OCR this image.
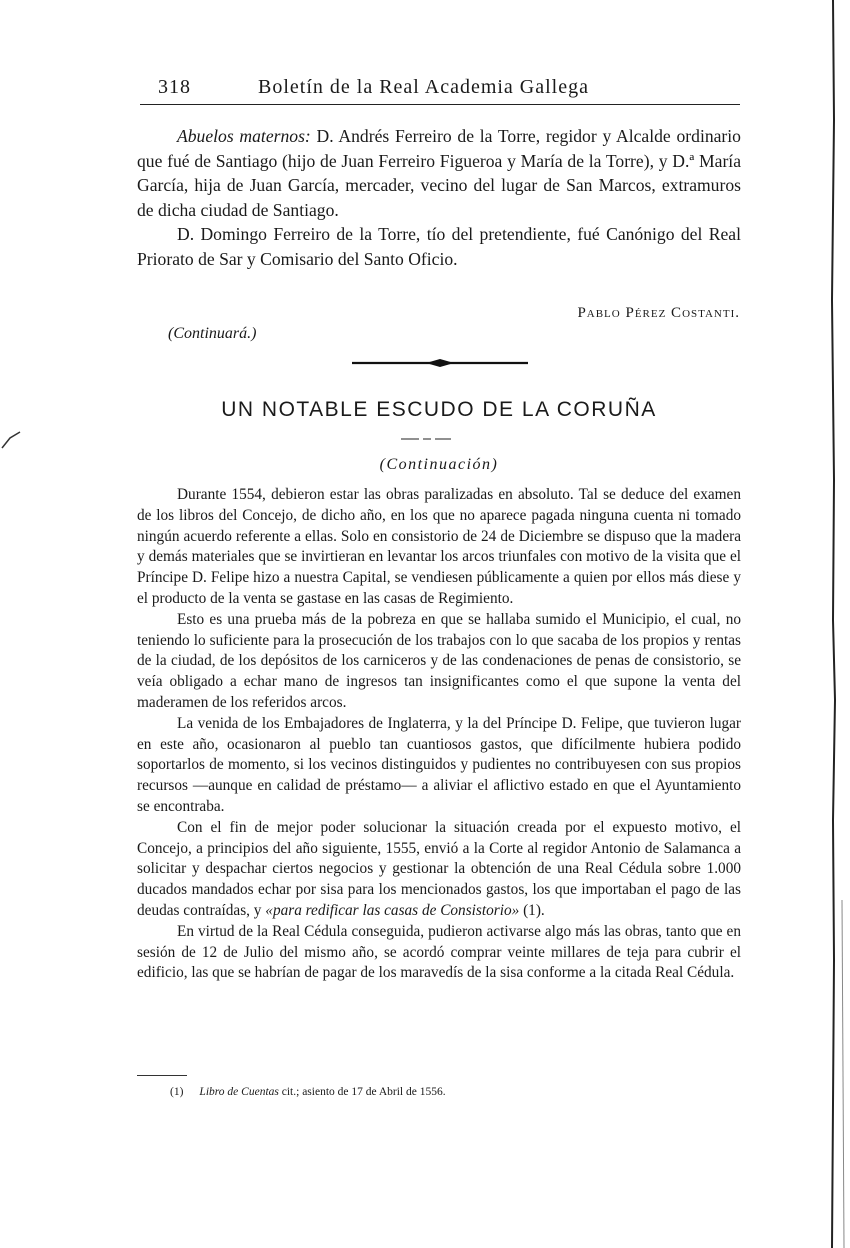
318	Boletín de la Real Academia Gallega

Abuelos maternos: D. Andrés Ferreiro de la Torre, regidor y Alcalde ordinario que fué de Santiago (hijo de Juan Ferreiro Figueroa y María de la Torre), y D.ª María García, hija de Juan García, mercader, vecino del lugar de San Marcos, extramuros de dicha ciudad de Santiago.

D. Domingo Ferreiro de la Torre, tío del pretendiente, fué Canónigo del Real Priorato de Sar y Comisario del Santo Oficio.

Pablo Pérez Costanti.
(Continuará.)
UN NOTABLE ESCUDO DE LA CORUÑA
(Continuación)

Durante 1554, debieron estar las obras paralizadas en absoluto. Tal se deduce del examen de los libros del Concejo, de dicho año, en los que no aparece pagada ninguna cuenta ni tomado ningún acuerdo referente a ellas. Solo en consistorio de 24 de Diciembre se dispuso que la madera y demás materiales que se invirtieran en levantar los arcos triunfales con motivo de la visita que el Príncipe D. Felipe hizo a nuestra Capital, se vendiesen públicamente a quien por ellos más diese y el producto de la venta se gastase en las casas de Regimiento.

Esto es una prueba más de la pobreza en que se hallaba sumido el Municipio, el cual, no teniendo lo suficiente para la prosecución de los trabajos con lo que sacaba de los propios y rentas de la ciudad, de los depósitos de los carniceros y de las condenaciones de penas de consistorio, se veía obligado a echar mano de ingresos tan insignificantes como el que supone la venta del maderamen de los referidos arcos.

La venida de los Embajadores de Inglaterra, y la del Príncipe D. Felipe, que tuvieron lugar en este año, ocasionaron al pueblo tan cuantiosos gastos, que difícilmente hubiera podido soportarlos de momento, si los vecinos distinguidos y pudientes no contribuyesen con sus propios recursos —aunque en calidad de préstamo— a aliviar el aflictivo estado en que el Ayuntamiento se encontraba.

Con el fin de mejor poder solucionar la situación creada por el expuesto motivo, el Concejo, a principios del año siguiente, 1555, envió a la Corte al regidor Antonio de Salamanca a solicitar y despachar ciertos negocios y gestionar la obtención de una Real Cédula sobre 1.000 ducados mandados echar por sisa para los mencionados gastos, los que importaban el pago de las deudas contraídas, y «para redificar las casas de Consistorio» (1).

En virtud de la Real Cédula conseguida, pudieron activarse algo más las obras, tanto que en sesión de 12 de Julio del mismo año, se acordó comprar veinte millares de teja para cubrir el edificio, las que se habrían de pagar de los maravedís de la sisa conforme a la citada Real Cédula.

(1) Libro de Cuentas cit.; asiento de 17 de Abril de 1556.
